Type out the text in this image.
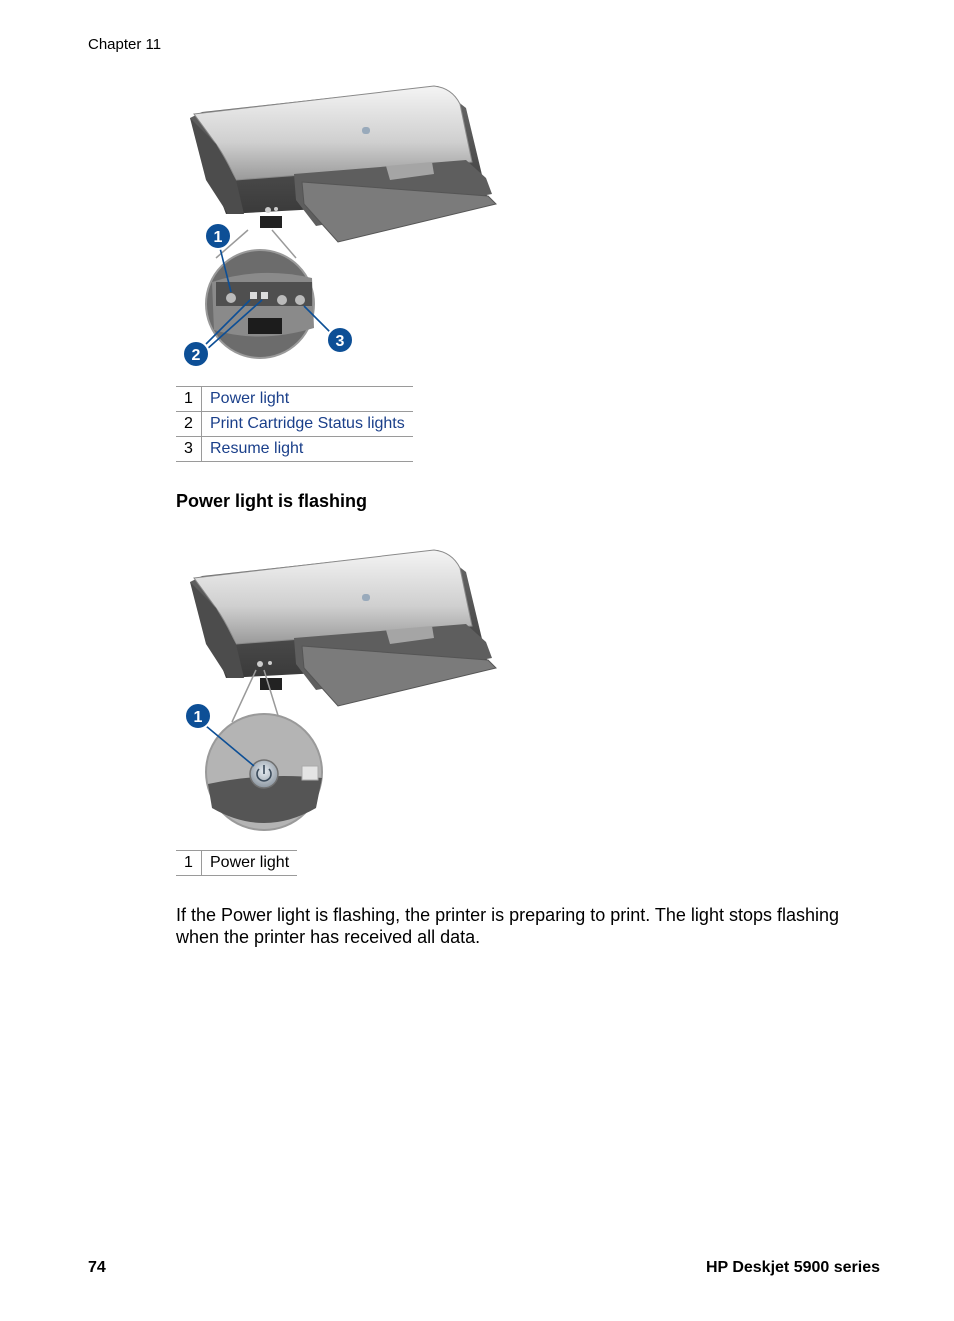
Chapter 11
1
2
3
1	Power light
2	Print Cartridge Status lights
3	Resume light
Power light is flashing
1
1	Power light
If the Power light is flashing, the printer is preparing to print. The light stops flashing when the printer has received all data.
74	HP Deskjet 5900 series
